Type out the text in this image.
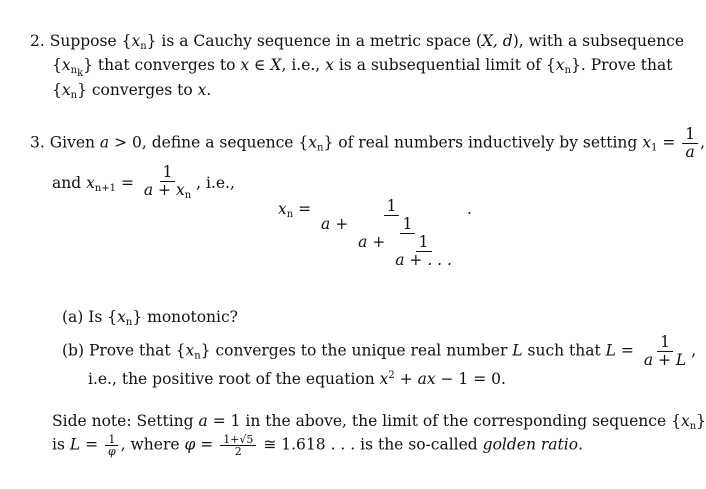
2. Suppose $\{x_n\}$ is a Cauchy sequence in a metric space (X, d), with a subsequence
$\{x_{n_k}\}$ that converges to x ∈ X, i.e., x is a subsequential limit of $\{x_n\}$. Prove that
$\{x_n\}$ converges to x.
3. Given a > 0, define a sequence $\{x_n\}$ of real numbers inductively by setting $x_1 = \frac{1}{a}$ ,
and $x_{n+1} = \frac{1}{a + x_n}$ , i.e.,
$x_n$ =	1
$a + \frac{1}{a + \frac{1}{a + . . .}}$
.
(a) Is $\{x_n\}$ monotonic?
(b) Prove that $\{x_n\}$ converges to the unique real number L such that $L = \frac{1}{a + L}$ ,
i.e., the positive root of the equation $x^2$ + ax − 1 = 0.
Side note: Setting a = 1 in the above, the limit of the corresponding sequence $\{x_n\}$
is $L = \frac{1}{\varphi}$ , where $\varphi = \frac{1+√5}{2}$ ≅ 1.618 . . . is the so-called golden ratio.
